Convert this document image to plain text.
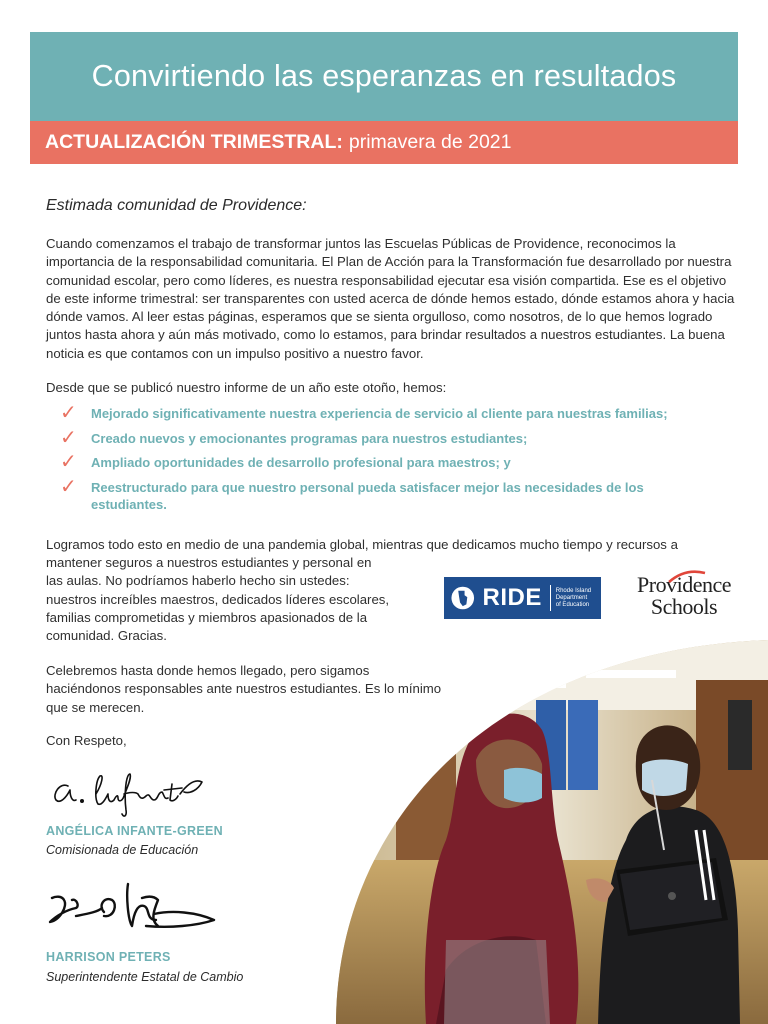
Convirtiendo las esperanzas en resultados
ACTUALIZACIÓN TRIMESTRAL: primavera de 2021
Estimada comunidad de Providence:
Cuando comenzamos el trabajo de transformar juntos las Escuelas Públicas de Providence, reconocimos la importancia de la responsabilidad comunitaria. El Plan de Acción para la Transformación fue desarrollado por nuestra comunidad escolar, pero como líderes, es nuestra responsabilidad ejecutar esa visión compartida. Ese es el objetivo de este informe trimestral: ser transparentes con usted acerca de dónde hemos estado, dónde estamos ahora y hacia dónde vamos. Al leer estas páginas, esperamos que se sienta orgulloso, como nosotros, de lo que hemos logrado juntos hasta ahora y aún más motivado, como lo estamos, para brindar resultados a nuestros estudiantes. La buena noticia es que contamos con un impulso positivo a nuestro favor.
Desde que se publicó nuestro informe de un año este otoño, hemos:
✓ Mejorado significativamente nuestra experiencia de servicio al cliente para nuestras familias;
✓ Creado nuevos y emocionantes programas para nuestros estudiantes;
✓ Ampliado oportunidades de desarrollo profesional para maestros; y
✓ Reestructurado para que nuestro personal pueda satisfacer mejor las necesidades de los estudiantes.
Logramos todo esto en medio de una pandemia global, mientras que dedicamos mucho tiempo y recursos a
mantener seguros a nuestros estudiantes y personal en las aulas. No podríamos haberlo hecho sin ustedes: nuestros increíbles maestros, dedicados líderes escolares, familias comprometidas y miembros apasionados de la comunidad. Gracias.
RIDE Rhode Island
Department
of Education
Providence
Schools
Celebremos hasta donde hemos llegado, pero sigamos haciéndonos responsables ante nuestros estudiantes. Es lo mínimo que se merecen.
Con Respeto,
ANGÉLICA INFANTE-GREEN
Comisionada de Educación
HARRISON PETERS
Superintendente Estatal de Cambio
